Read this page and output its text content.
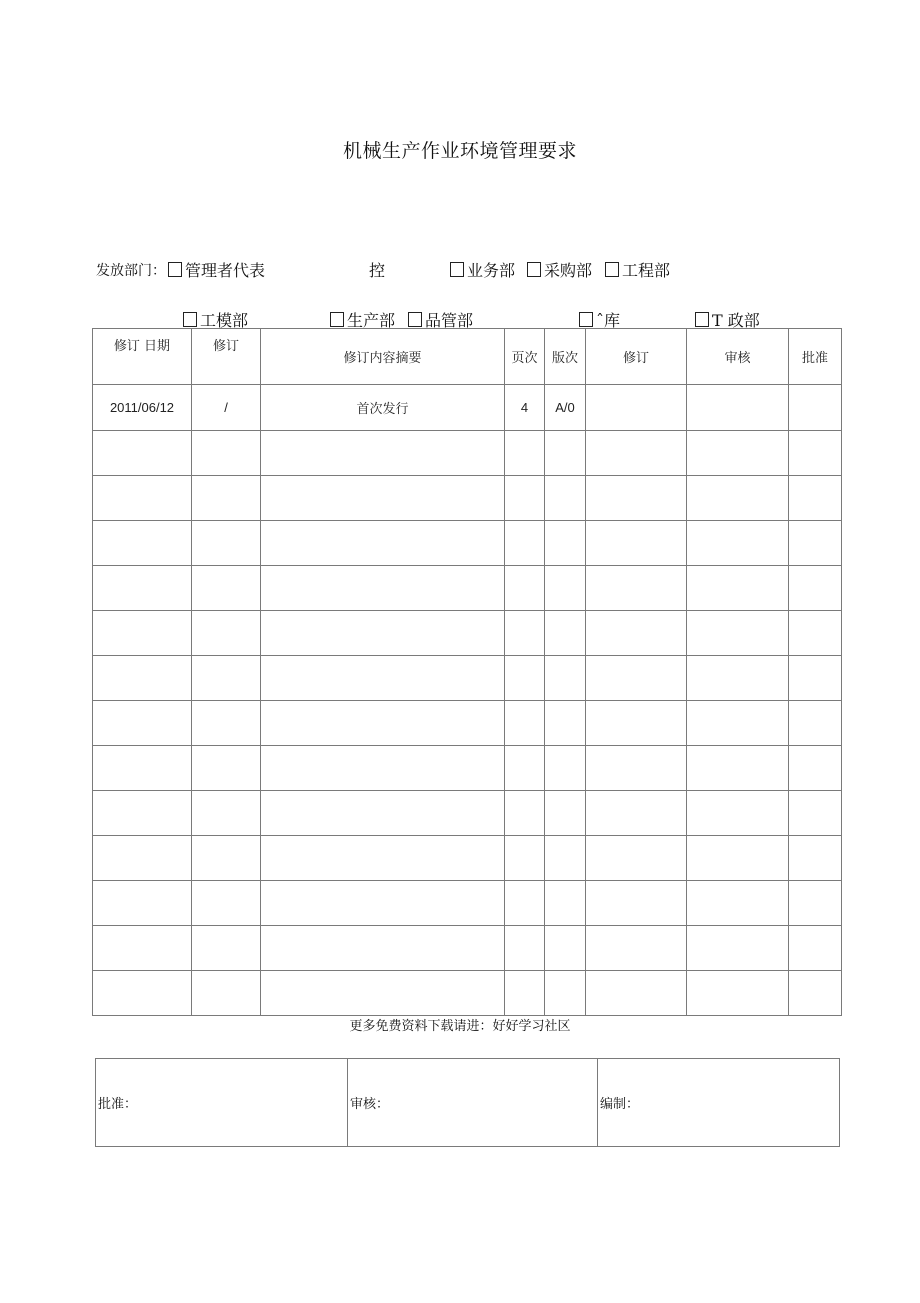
机械生产作业环境管理要求
发放部门：	管理者代表	控	业务部	采购部	工程部
工模部	生产部	品管部	ˆ库	T 政部
修订 日期	修订	修订内容摘要	页次	版次	修订	审核	批准
2011/06/12	/	首次发行	4	A/0			

更多免费资料下载请进：好好学习社区
批准：	审核：	编制：
